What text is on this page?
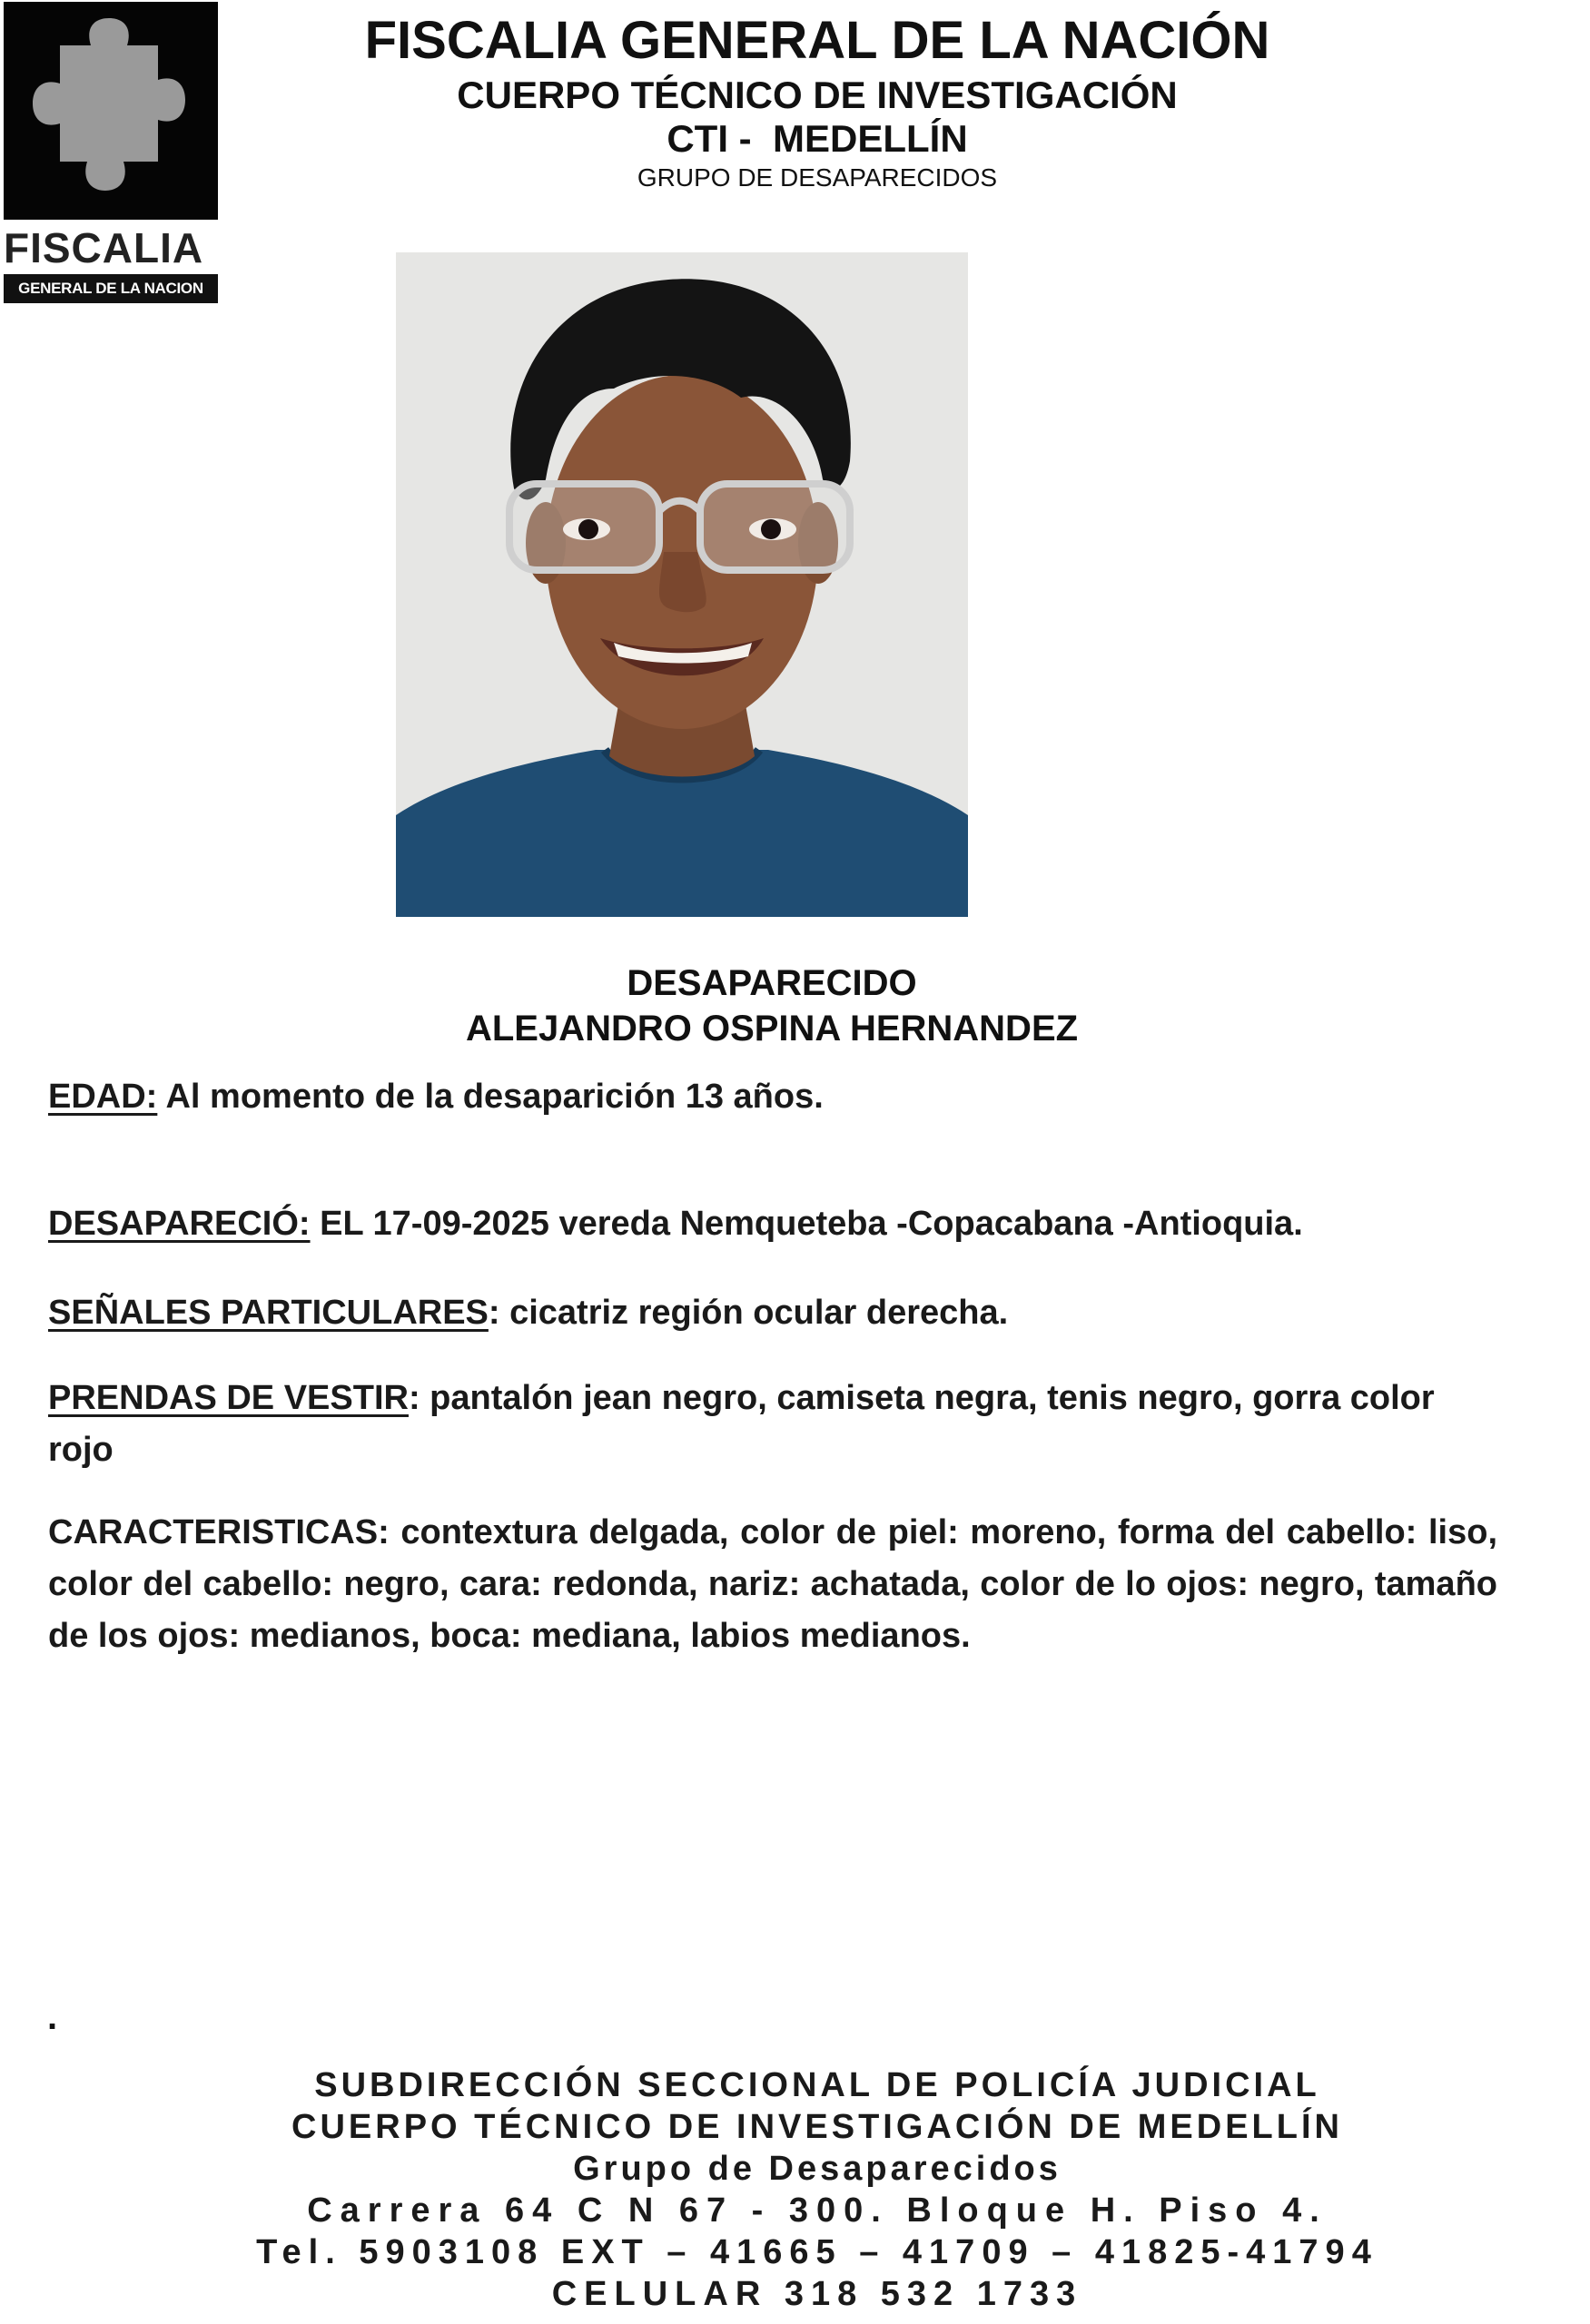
FISCALIA
GENERAL DE LA NACION
FISCALIA GENERAL DE LA NACIÓN
CUERPO TÉCNICO DE INVESTIGACIÓN
CTI -  MEDELLÍN
GRUPO DE DESAPARECIDOS
DESAPARECIDO
ALEJANDRO OSPINA HERNANDEZ
EDAD: Al momento de la desaparición 13 años.
DESAPARECIÓ: EL 17-09-2025 vereda Nemqueteba -Copacabana -Antioquia.
SEÑALES PARTICULARES: cicatriz región ocular derecha.
PRENDAS DE VESTIR: pantalón jean negro, camiseta negra, tenis negro, gorra color rojo
CARACTERISTICAS: contextura delgada, color de piel: moreno, forma del cabello: liso, color del cabello: negro, cara: redonda, nariz: achatada, color de lo ojos: negro, tamaño de los ojos: medianos, boca: mediana, labios medianos.
.
SUBDIRECCIÓN SECCIONAL DE POLICÍA JUDICIAL
CUERPO TÉCNICO DE INVESTIGACIÓN DE MEDELLÍN
Grupo de Desaparecidos
Carrera 64 C N 67 - 300. Bloque H. Piso 4.
Tel. 5903108 EXT – 41665 – 41709 – 41825-41794
CELULAR 318 532 1733
